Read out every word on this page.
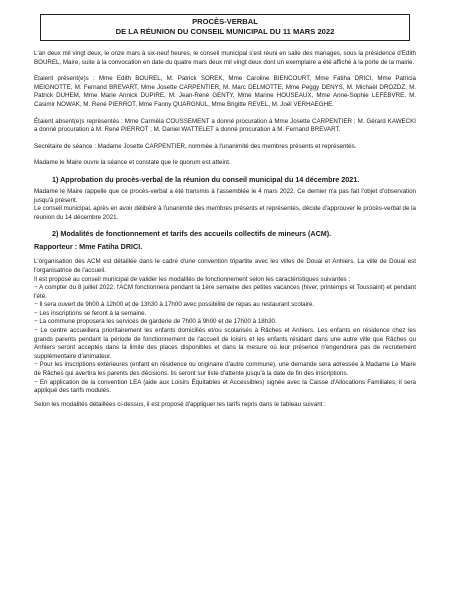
PROCÈS-VERBAL
DE LA RÉUNION DU CONSEIL MUNICIPAL DU 11 MARS 2022

L'an deux mil vingt deux, le onze mars à six-neuf heures, le conseil municipal s'est réuni en salle des mariages, sous la présidence d'Edith BOUREL, Maire, suite à la convocation en date du quatre mars deux mil vingt deux dont un exemplaire a été affiché à la porte de la mairie.

Etaient présent(e)s : Mme Edith BOUREL, M. Patrick SOREK, Mme Caroline BIENCOURT, Mme Fatiha DRICI, Mme Patricia MEIGNOTTE, M. Fernand BREVART, Mme Josette CARPENTIER, M. Marc DELMOTTE, Mme Peggy DENYS, M. Michaël DROZDZ, M. Patrick DUHEM, Mme Marie Annick DUPIRE, M. Jean-René GENTY, Mme Marine HOUSEAUX, Mme Anne-Sophie LEFEBVRE, M. Casimir NOWAK, M. René PIERROT, Mme Fanny QUARGNUL, Mme Brigitte REVEL, M. Joël VERHAEGHE.

Étaient absent(e)s représentés : Mme Carméla COUSSEMENT a donné procuration à Mme Josette CARPENTIER ; M. Gérard KAWECKI a donné procuration à M. René PIERROT ; M. Daniel WATTELET a donné procuration à M. Fernand BREVART.

Secrétaire de séance : Madame Josette CARPENTIER, nommée à l'unanimité des membres présents et représentés.

Madame le Maire ouvre la séance et constate que le quorum est atteint.

1) Approbation du procès-verbal de la réunion du conseil municipal du 14 décembre 2021.

Madame le Maire rappelle que ce procès-verbal a été transmis à l'assemblée le 4 mars 2022. Ce dernier n'a pas fait l'objet d'observation jusqu'à présent.

Le conseil municipal, après en avoir délibéré à l'unanimité des membres présents et représentés, décide d'approuver le procès-verbal de la réunion du 14 décembre 2021.

2) Modalités de fonctionnement et tarifs des accueils collectifs de mineurs (ACM).
Rapporteur : Mme Fatiha DRICI.

L'organisation des ACM est détaillée dans le cadre d'une convention tripartite avec les villes de Douai et Anhiers. La ville de Douai est l'organisatrice de l'accueil.

Il est proposé au conseil municipal de valider les modalités de fonctionnement selon les caractéristiques suivantes :

− A compter du 8 juillet 2022, l'ACM fonctionnera pendant la 1ère semaine des petites vacances (hiver, printemps et Toussaint) et pendant l'été.
− Il sera ouvert de 9h00 à 12h00 et de 13h30 à 17h00 avec possibilité de repas au restaurant scolaire.
− Les inscriptions se feront à la semaine.
− La commune proposera les services de garderie de 7h00 à 9h00 et de 17h00 à 18h30.
− Le centre accueillera prioritairement les enfants domiciliés et/ou scolarisés à Râches et Anhiers. Les enfants en résidence chez les grands parents pendant la période de fonctionnement de l'accueil de loisirs et les enfants résidant dans une autre ville que Râches ou Anhiers seront acceptés dans la limite des places disponibles et dans la mesure où leur présence n'engendrera pas de recrutement supplémentaire d'animateur.
− Pour les inscriptions extérieures (enfant en résidence ou originaire d'autre commune), une demande sera adressée à Madame Le Maire de Râches qui avertira les parents des décisions. Ils seront sur liste d'attente jusqu'à la date de fin des inscriptions.
− En application de la convention LEA (aide aux Loisirs Équitables et Accessibles) signée avec la Caisse d'Allocations Familiales, il sera appliqué des tarifs modulés.

Selon les modalités détaillées ci-dessus, il est proposé d'appliquer les tarifs repris dans le tableau suivant :
